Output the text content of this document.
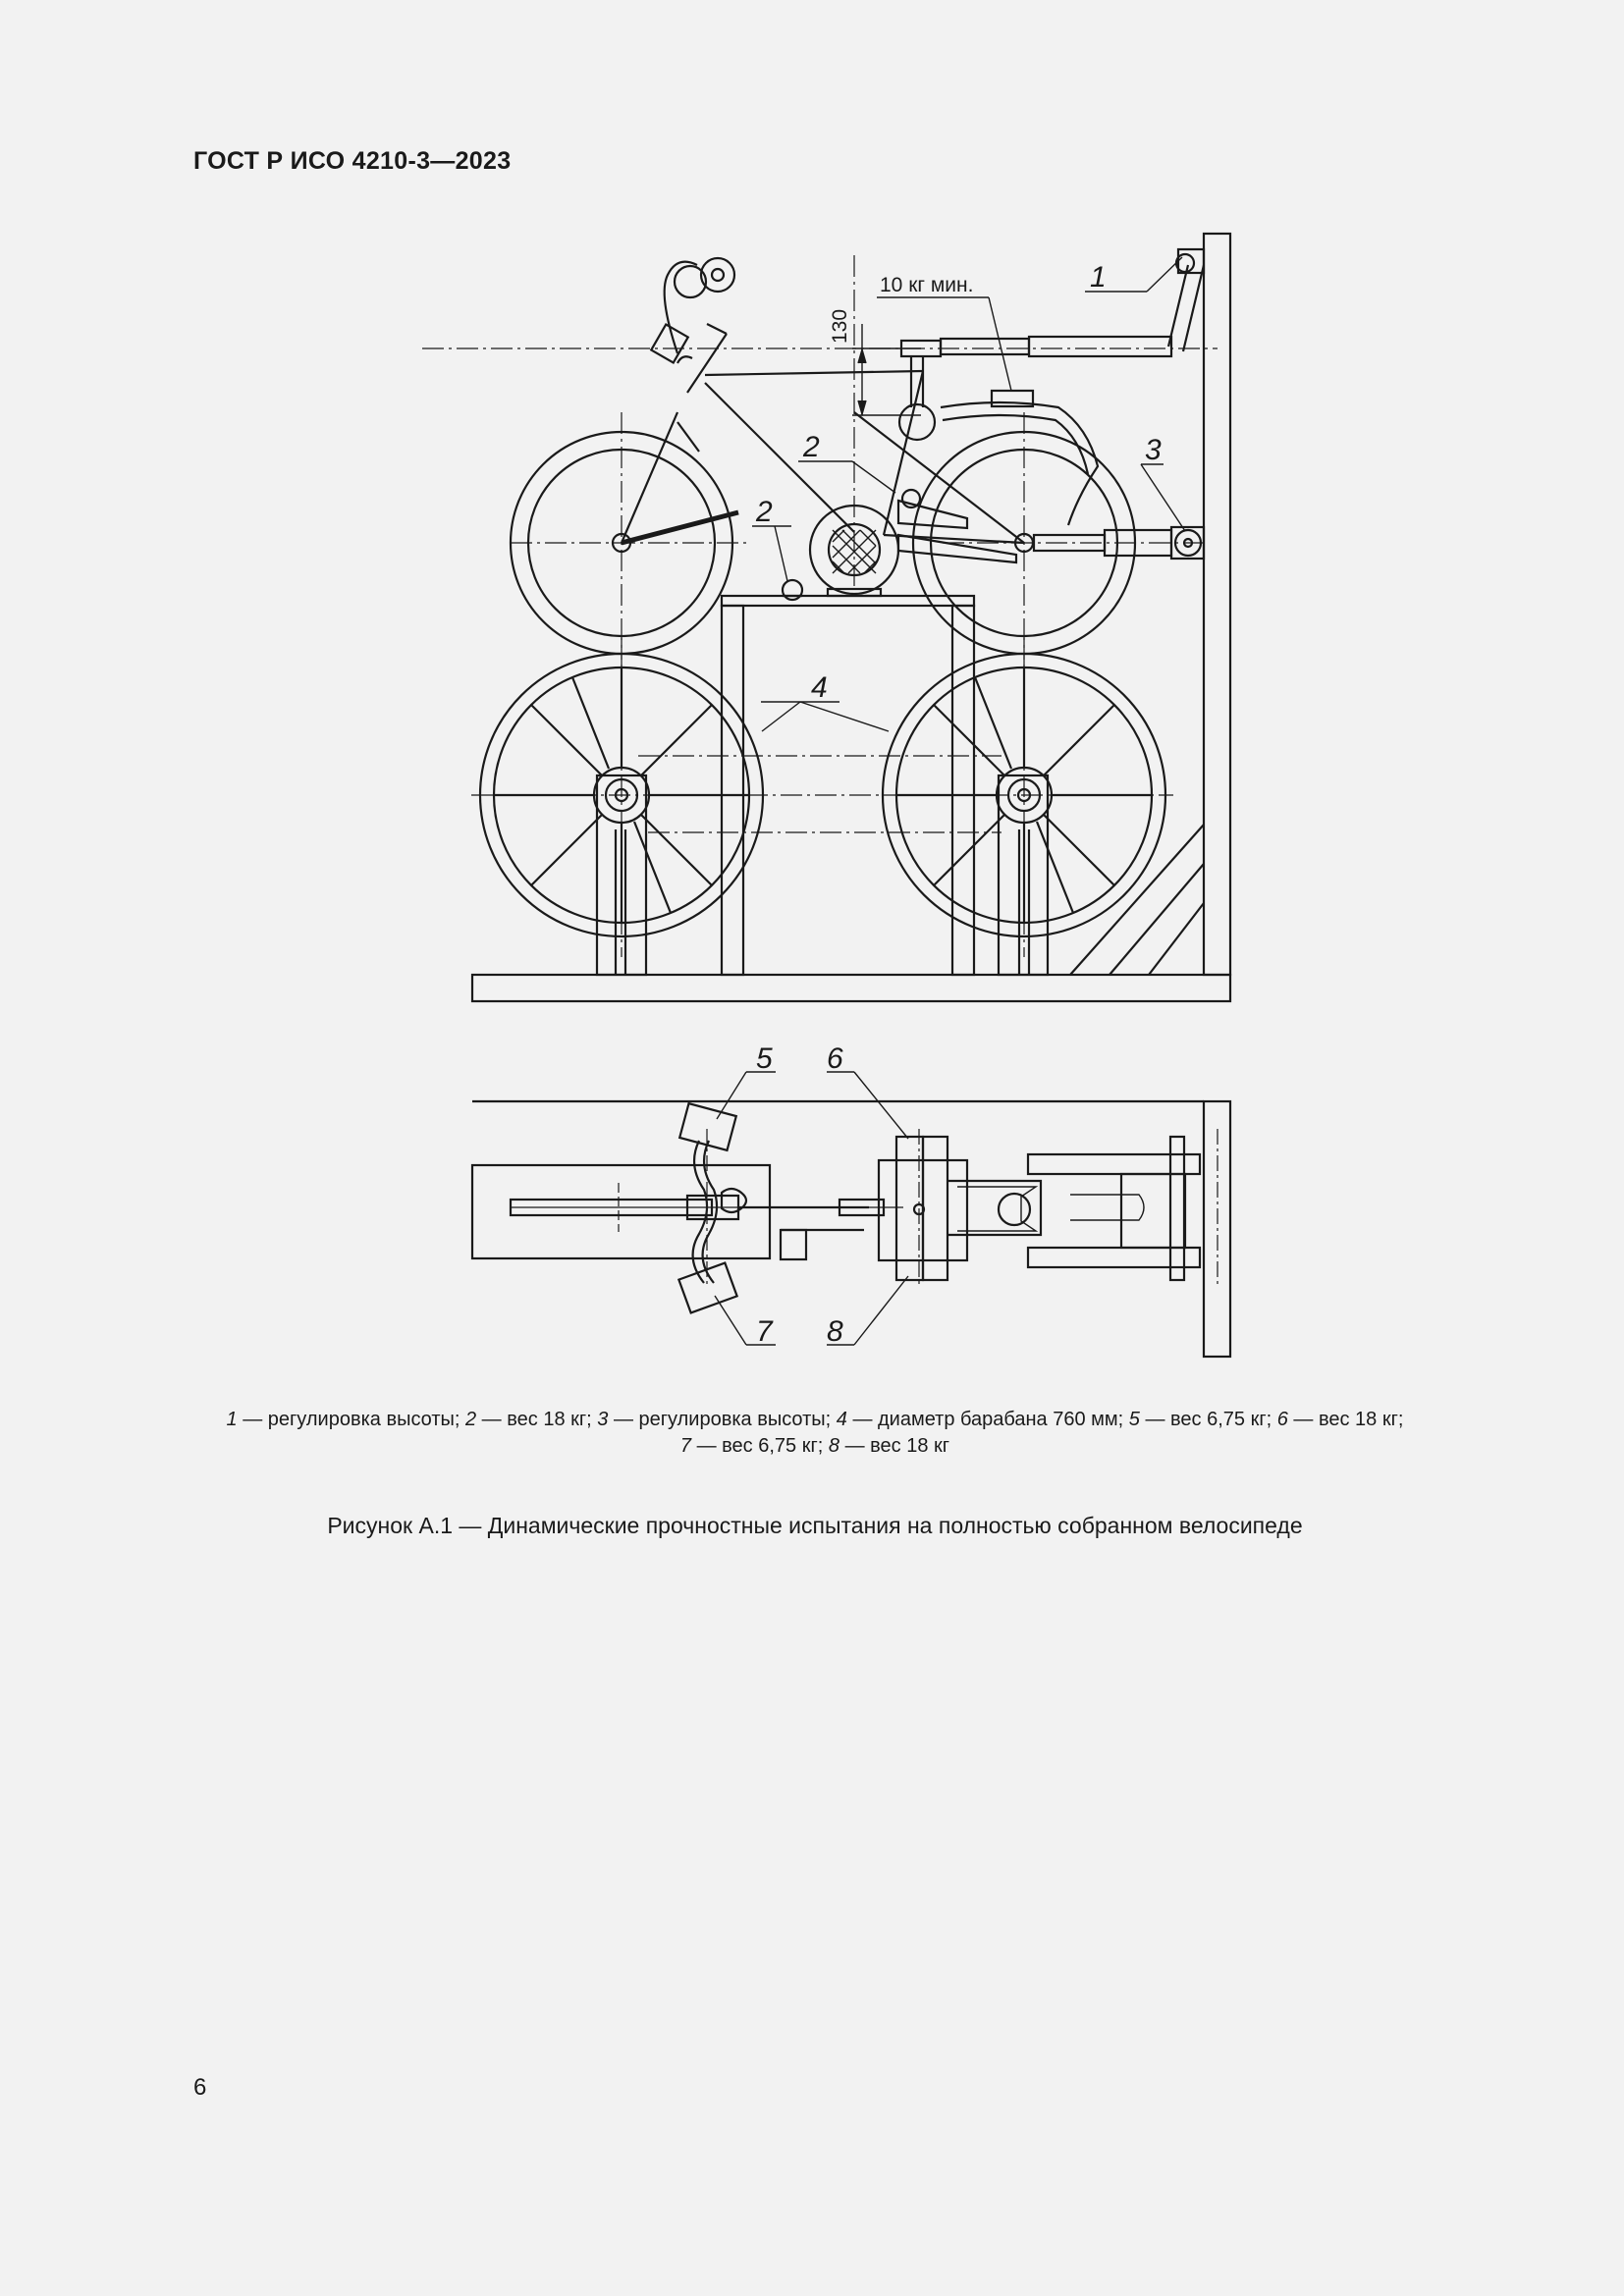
ГОСТ Р ИСО 4210-3—2023
130
10 кг мин.	1
2
2
3
4
5 6
7 8
1 — регулировка высоты; 2 — вес 18 кг; 3 — регулировка высоты; 4 — диаметр барабана 760 мм; 5 — вес 6,75 кг; 6 — вес 18 кг;
7 — вес 6,75 кг; 8 — вес 18 кг
Рисунок А.1 — Динамические прочностные испытания на полностью собранном велосипеде
6
